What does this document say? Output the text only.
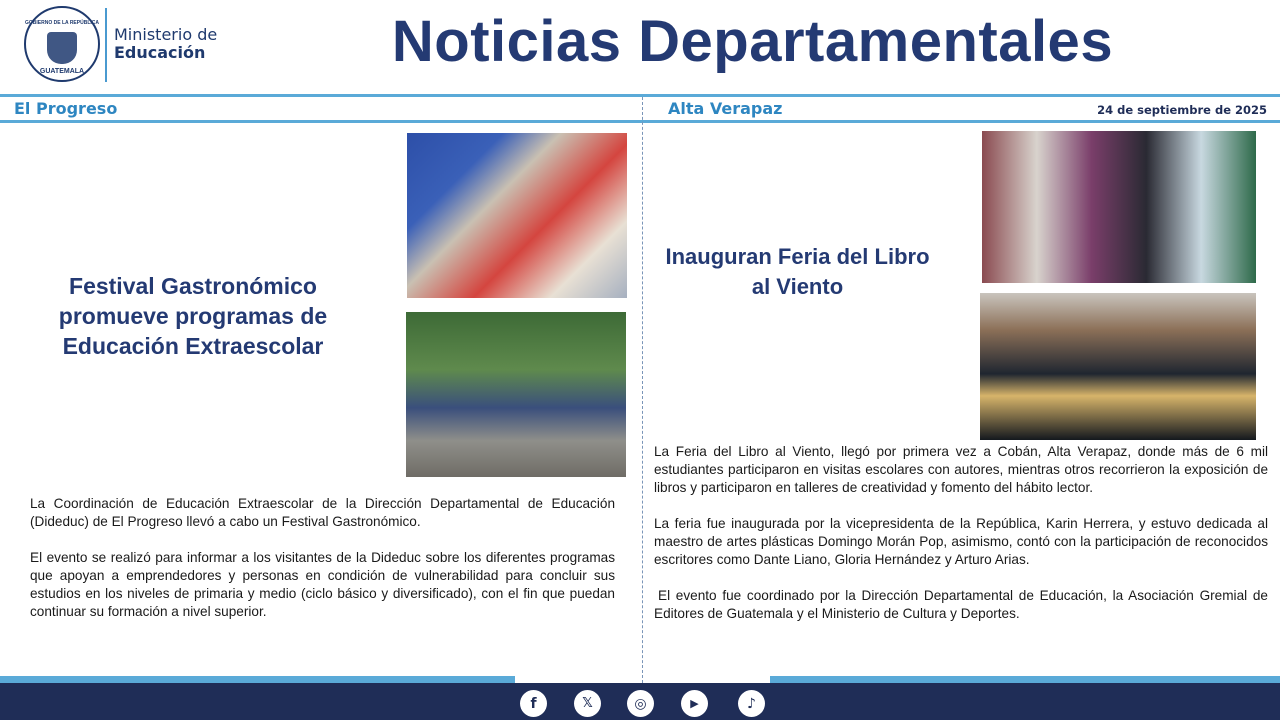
GOBIERNO DE LA REPÚBLICA
GUATEMALA
Ministerio de
Educación	Noticias Departamentales
El Progreso	Alta Verapaz	24 de septiembre de 2025
Festival Gastronómico promueve programas de Educación Extraescolar

La Coordinación de Educación Extraescolar de la Dirección Departamental de Educación (Dideduc) de El Progreso llevó a cabo un Festival Gastronómico.

El evento se realizó para informar a los visitantes de la Dideduc sobre los diferentes programas que apoyan a emprendedores y personas en condición de vulnerabilidad para concluir sus estudios en los niveles de primaria y medio (ciclo básico y diversificado), con el fin que puedan continuar su formación a nivel superior.

Inauguran Feria del Libro al Viento

La Feria del Libro al Viento, llegó por primera vez a Cobán, Alta Verapaz, donde más de 6 mil estudiantes participaron en visitas escolares con autores, mientras otros recorrieron la exposición de libros y participaron en talleres de creatividad y fomento del hábito lector.

La feria fue inaugurada por la vicepresidenta de la República, Karin Herrera, y estuvo dedicada al maestro de artes plásticas Domingo Morán Pop, asimismo, contó con la participación de reconocidos escritores como Dante Liano, Gloria Hernández y Arturo Arias.

El evento fue coordinado por la Dirección Departamental de Educación, la Asociación Gremial de Editores de Guatemala y el Ministerio de Cultura y Deportes.

f	𝕏	◎	▶	♪
